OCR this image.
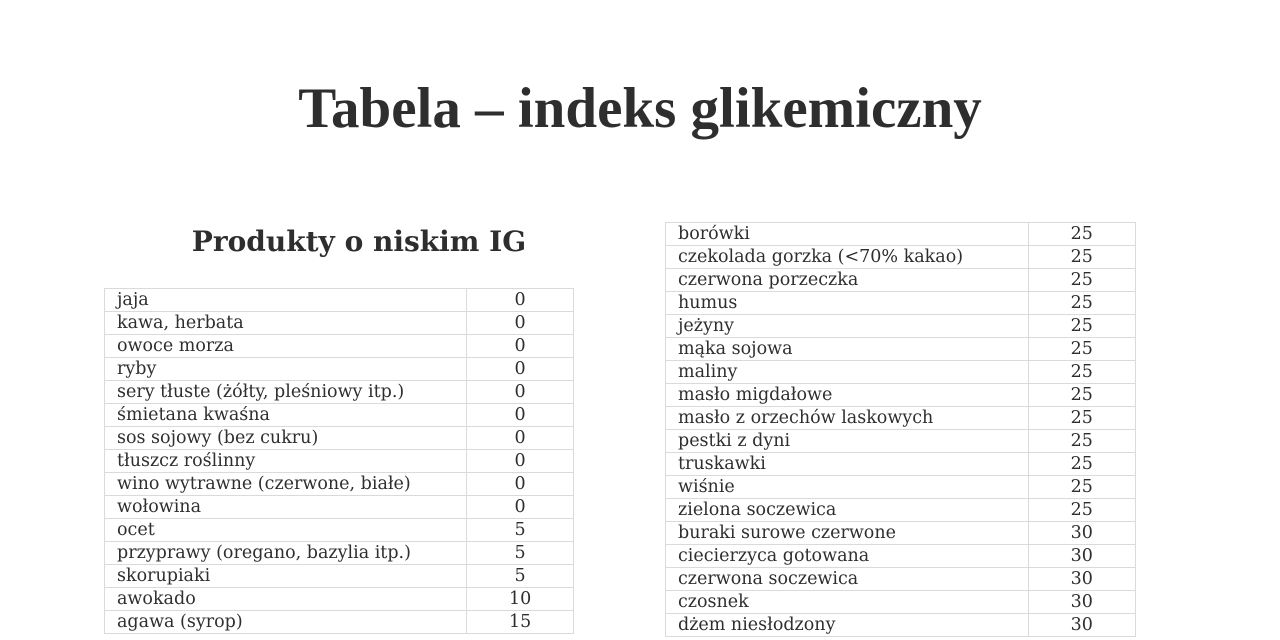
Tabela – indeks glikemiczny
Produkty o niskim IG
jaja	0
kawa, herbata	0
owoce morza	0
ryby	0
sery tłuste (żółty, pleśniowy itp.)	0
śmietana kwaśna	0
sos sojowy (bez cukru)	0
tłuszcz roślinny	0
wino wytrawne (czerwone, białe)	0
wołowina	0
ocet	5
przyprawy (oregano, bazylia itp.)	5
skorupiaki	5
awokado	10
agawa (syrop)	15
borówki	25
czekolada gorzka (<70% kakao)	25
czerwona porzeczka	25
humus	25
jeżyny	25
mąka sojowa	25
maliny	25
masło migdałowe	25
masło z orzechów laskowych	25
pestki z dyni	25
truskawki	25
wiśnie	25
zielona soczewica	25
buraki surowe czerwone	30
ciecierzyca gotowana	30
czerwona soczewica	30
czosnek	30
dżem niesłodzony	30
